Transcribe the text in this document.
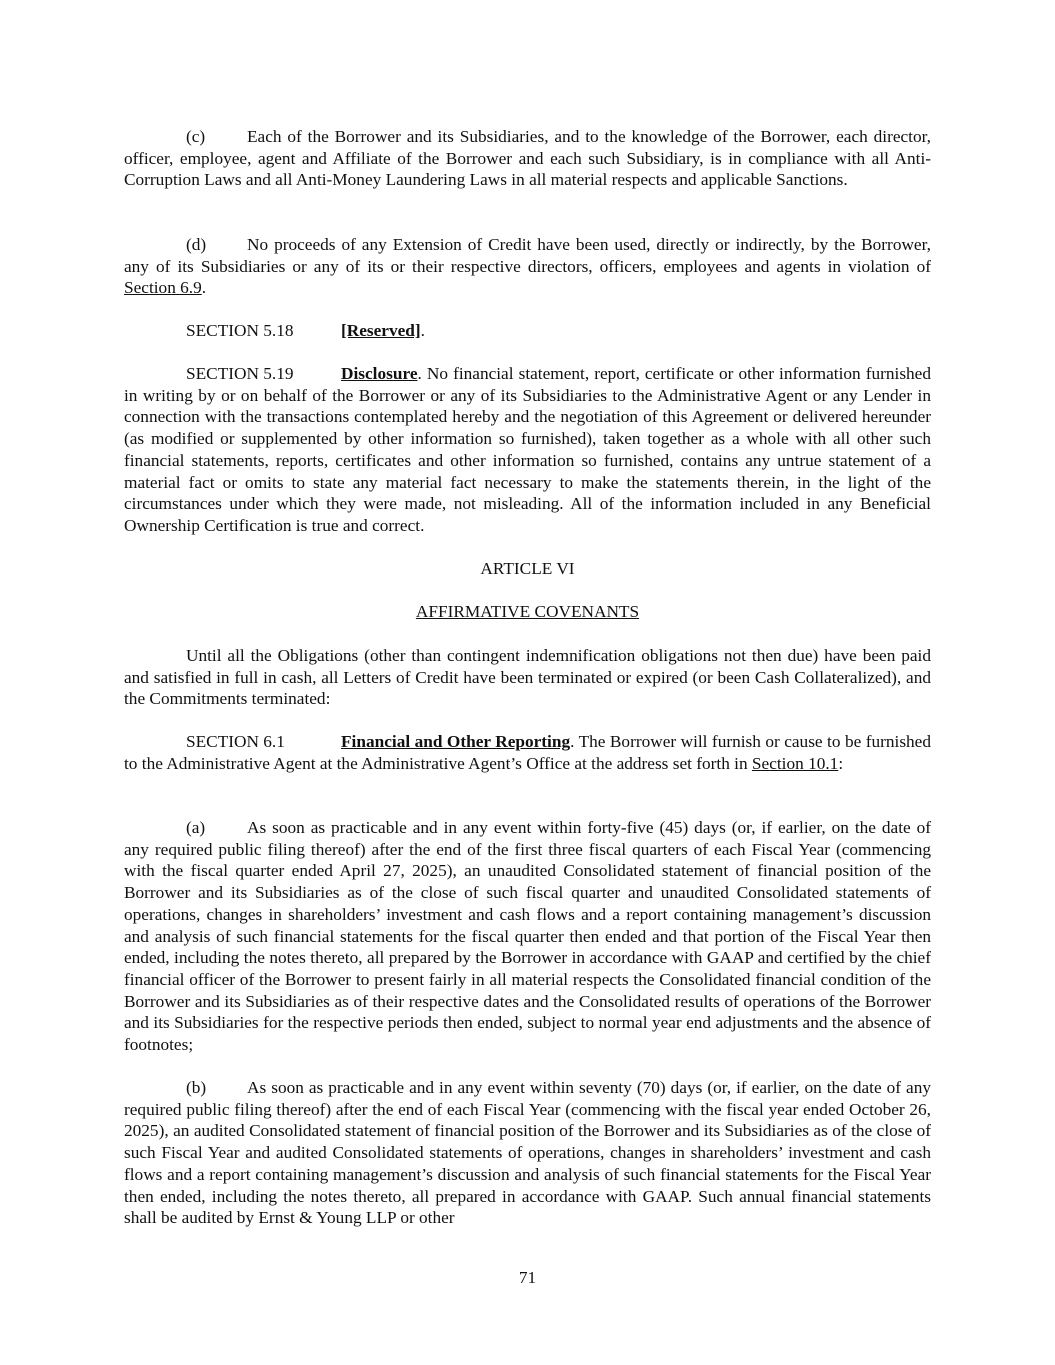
(c) Each of the Borrower and its Subsidiaries, and to the knowledge of the Borrower, each director, officer, employee, agent and Affiliate of the Borrower and each such Subsidiary, is in compliance with all Anti-Corruption Laws and all Anti-Money Laundering Laws in all material respects and applicable Sanctions.
(d) No proceeds of any Extension of Credit have been used, directly or indirectly, by the Borrower, any of its Subsidiaries or any of its or their respective directors, officers, employees and agents in violation of Section 6.9.
SECTION 5.18	[Reserved].
SECTION 5.19	Disclosure. No financial statement, report, certificate or other information furnished in writing by or on behalf of the Borrower or any of its Subsidiaries to the Administrative Agent or any Lender in connection with the transactions contemplated hereby and the negotiation of this Agreement or delivered hereunder (as modified or supplemented by other information so furnished), taken together as a whole with all other such financial statements, reports, certificates and other information so furnished, contains any untrue statement of a material fact or omits to state any material fact necessary to make the statements therein, in the light of the circumstances under which they were made, not misleading. All of the information included in any Beneficial Ownership Certification is true and correct.
ARTICLE VI
AFFIRMATIVE COVENANTS
Until all the Obligations (other than contingent indemnification obligations not then due) have been paid and satisfied in full in cash, all Letters of Credit have been terminated or expired (or been Cash Collateralized), and the Commitments terminated:
SECTION 6.1	Financial and Other Reporting. The Borrower will furnish or cause to be furnished to the Administrative Agent at the Administrative Agent’s Office at the address set forth in Section 10.1:
(a) As soon as practicable and in any event within forty-five (45) days (or, if earlier, on the date of any required public filing thereof) after the end of the first three fiscal quarters of each Fiscal Year (commencing with the fiscal quarter ended April 27, 2025), an unaudited Consolidated statement of financial position of the Borrower and its Subsidiaries as of the close of such fiscal quarter and unaudited Consolidated statements of operations, changes in shareholders’ investment and cash flows and a report containing management’s discussion and analysis of such financial statements for the fiscal quarter then ended and that portion of the Fiscal Year then ended, including the notes thereto, all prepared by the Borrower in accordance with GAAP and certified by the chief financial officer of the Borrower to present fairly in all material respects the Consolidated financial condition of the Borrower and its Subsidiaries as of their respective dates and the Consolidated results of operations of the Borrower and its Subsidiaries for the respective periods then ended, subject to normal year end adjustments and the absence of footnotes;
(b) As soon as practicable and in any event within seventy (70) days (or, if earlier, on the date of any required public filing thereof) after the end of each Fiscal Year (commencing with the fiscal year ended October 26, 2025), an audited Consolidated statement of financial position of the Borrower and its Subsidiaries as of the close of such Fiscal Year and audited Consolidated statements of operations, changes in shareholders’ investment and cash flows and a report containing management’s discussion and analysis of such financial statements for the Fiscal Year then ended, including the notes thereto, all prepared in accordance with GAAP. Such annual financial statements shall be audited by Ernst & Young LLP or other
71
